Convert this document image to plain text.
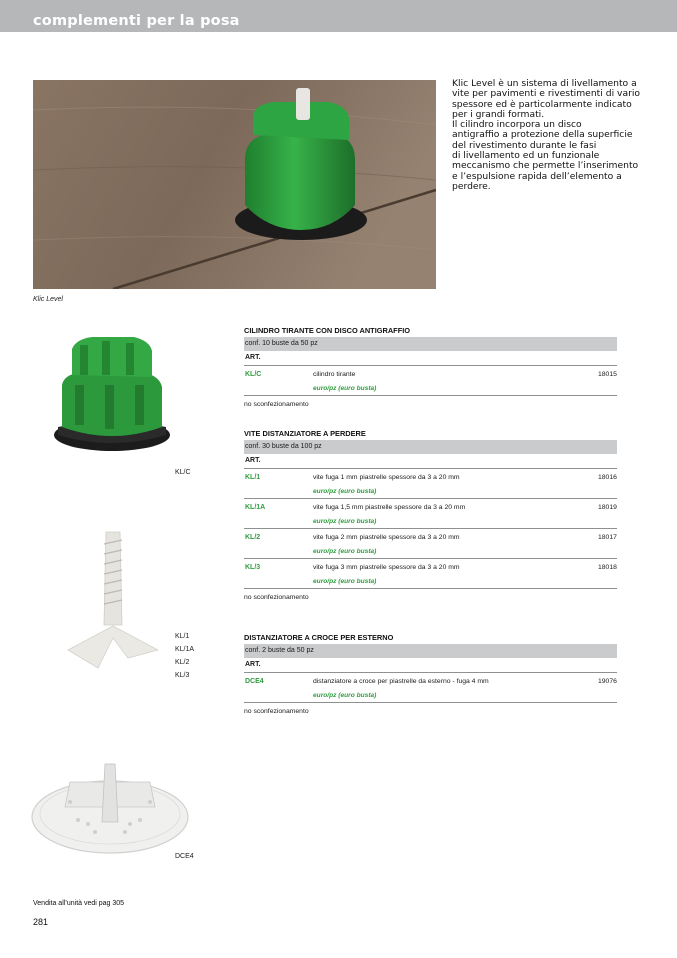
complementi per la posa
Klic Level
Klic Level è un sistema di livellamento a
vite per pavimenti e rivestimenti di vario
spessore ed è particolarmente indicato
per i grandi formati.
Il cilindro incorpora un disco
antigraffio a protezione della superficie
del rivestimento durante le fasi
di livellamento ed un funzionale
meccanismo che permette l’inserimento
e l’espulsione rapida dell’elemento a
perdere.
KL/C
KL/1
KL/1A
KL/2
KL/3
DCE4
CILINDRO TIRANTE CON DISCO ANTIGRAFFIO
conf. 10 buste da 50 pz
ART.
KL/C	cilindro tirante	18015
euro/pz (euro busta)
no sconfezionamento
VITE DISTANZIATORE A PERDERE
conf. 30 buste da 100 pz
ART.
KL/1	vite fuga 1 mm piastrelle spessore da 3 a 20 mm	18016
euro/pz (euro busta)
KL/1A	vite fuga 1,5 mm piastrelle spessore da 3 a 20 mm	18019
euro/pz (euro busta)
KL/2	vite fuga 2 mm piastrelle spessore da 3 a 20 mm	18017
euro/pz (euro busta)
KL/3	vite fuga 3 mm piastrelle spessore da 3 a 20 mm	18018
euro/pz (euro busta)
no sconfezionamento
DISTANZIATORE A CROCE PER ESTERNO
conf. 2 buste da 50 pz
ART.
DCE4	distanziatore a croce per piastrelle da esterno - fuga 4 mm	19076
euro/pz (euro busta)
no sconfezionamento
Vendita all’unità vedi pag 305
281
